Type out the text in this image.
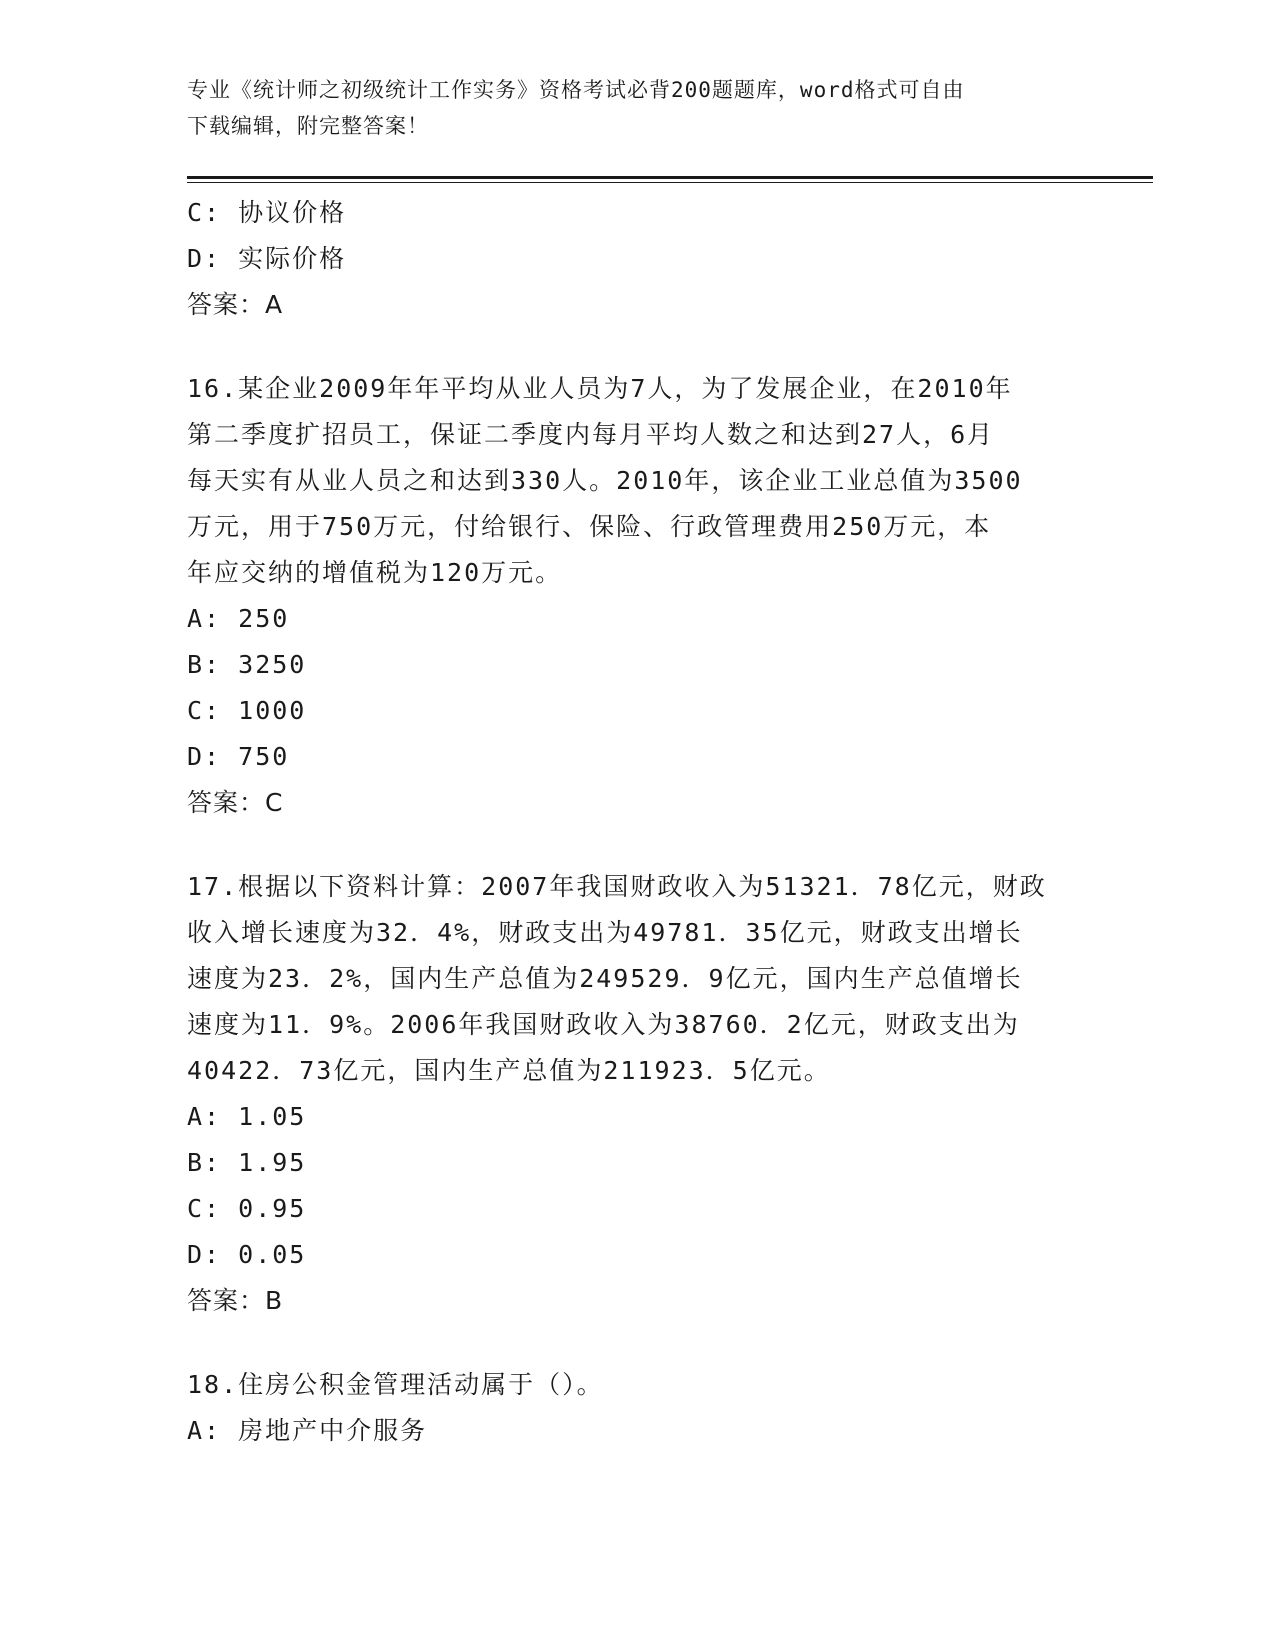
专业《统计师之初级统计工作实务》资格考试必背200题题库，word格式可自由
下载编辑，附完整答案！
C: 协议价格
D: 实际价格
答案：A
16.某企业2009年年平均从业人员为7人，为了发展企业，在2010年
第二季度扩招员工，保证二季度内每月平均人数之和达到27人，6月
每天实有从业人员之和达到330人。2010年，该企业工业总值为3500
万元，用于750万元，付给银行、保险、行政管理费用250万元，本
年应交纳的增值税为120万元。
A: 250
B: 3250
C: 1000
D: 750
答案：C
17.根据以下资料计算：2007年我国财政收入为51321．78亿元，财政
收入增长速度为32．4%，财政支出为49781．35亿元，财政支出增长
速度为23．2%，国内生产总值为249529．9亿元，国内生产总值增长
速度为11．9%。2006年我国财政收入为38760．2亿元，财政支出为
40422．73亿元，国内生产总值为211923．5亿元。
A: 1.05
B: 1.95
C: 0.95
D: 0.05
答案：B
18.住房公积金管理活动属于（）。
A: 房地产中介服务
